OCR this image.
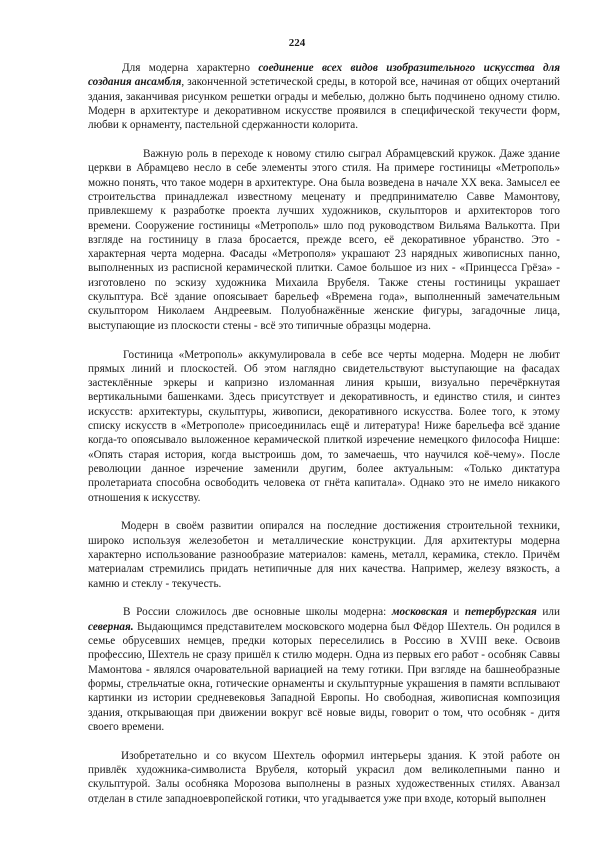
224

Для модерна характерно соединение всех видов изобразительного искусства для создания ансамбля, законченной эстетической среды, в которой все, начиная от общих очертаний здания, заканчивая рисунком решетки ограды и мебелью, должно быть подчинено одному стилю. Модерн в архитектуре и декоративном искусстве проявился в специфической текучести форм, любви к орнаменту, пастельной сдержанности колорита.

Важную роль в переходе к новому стилю сыграл Абрамцевский кружок. Даже здание церкви в Абрамцево несло в себе элементы этого стиля. На примере гостиницы «Метрополь» можно понять, что такое модерн в архитектуре. Она была возведена в начале XX века. Замысел ее строительства принадлежал известному меценату и предпринимателю Савве Мамонтову, привлекшему к разработке проекта лучших художников, скульпторов и архитекторов того времени. Сооружение гостиницы «Метрополь» шло под руководством Вильяма Валькотта. При взгляде на гостиницу в глаза бросается, прежде всего, её декоративное убранство. Это - характерная черта модерна. Фасады «Метрополя» украшают 23 нарядных живописных панно, выполненных из расписной керамической плитки. Самое большое из них - «Принцесса Грёза» - изготовлено по эскизу художника Михаила Врубеля. Также стены гостиницы украшает скульптура. Всё здание опоясывает барельеф «Времена года», выполненный замечательным скульптором Николаем Андреевым. Полуобнажённые женские фигуры, загадочные лица, выступающие из плоскости стены - всё это типичные образцы модерна.

Гостиница «Метрополь» аккумулировала в себе все черты модерна. Модерн не любит прямых линий и плоскостей. Об этом наглядно свидетельствуют выступающие на фасадах застеклённые эркеры и капризно изломанная линия крыши, визуально перечёркнутая вертикальными башенками. Здесь присутствует и декоративность, и единство стиля, и синтез искусств: архитектуры, скульптуры, живописи, декоративного искусства. Более того, к этому списку искусств в «Метрополе» присоединилась ещё и литература! Ниже барельефа всё здание когда-то опоясывало выложенное керамической плиткой изречение немецкого философа Ницше: «Опять старая история, когда выстроишь дом, то замечаешь, что научился коё-чему». После революции данное изречение заменили другим, более актуальным: «Только диктатура пролетариата способна освободить человека от гнёта капитала». Однако это не имело никакого отношения к искусству.

Модерн в своём развитии опирался на последние достижения строительной техники, широко используя железобетон и металлические конструкции. Для архитектуры модерна характерно использование разнообразие материалов: камень, металл, керамика, стекло. Причём материалам стремились придать нетипичные для них качества. Например, железу вязкость, а камню и стеклу - текучесть.

В России сложилось две основные школы модерна: московская и петербургская или северная. Выдающимся представителем московского модерна был Фёдор Шехтель. Он родился в семье обрусевших немцев, предки которых переселились в Россию в XVIII веке. Освоив профессию, Шехтель не сразу пришёл к стилю модерн. Одна из первых его работ - особняк Саввы Мамонтова - являлся очаровательной вариацией на тему готики. При взгляде на башнеобразные формы, стрельчатые окна, готические орнаменты и скульптурные украшения в памяти всплывают картинки из истории средневековья Западной Европы. Но свободная, живописная композиция здания, открывающая при движении вокруг всё новые виды, говорит о том, что особняк - дитя своего времени.

Изобретательно и со вкусом Шехтель оформил интерьеры здания. К этой работе он привлёк художника-символиста Врубеля, который украсил дом великолепными панно и скульптурой. Залы особняка Морозова выполнены в разных художественных стилях. Аванзал отделан в стиле западноевропейской готики, что угадывается уже при входе, который выполнен
